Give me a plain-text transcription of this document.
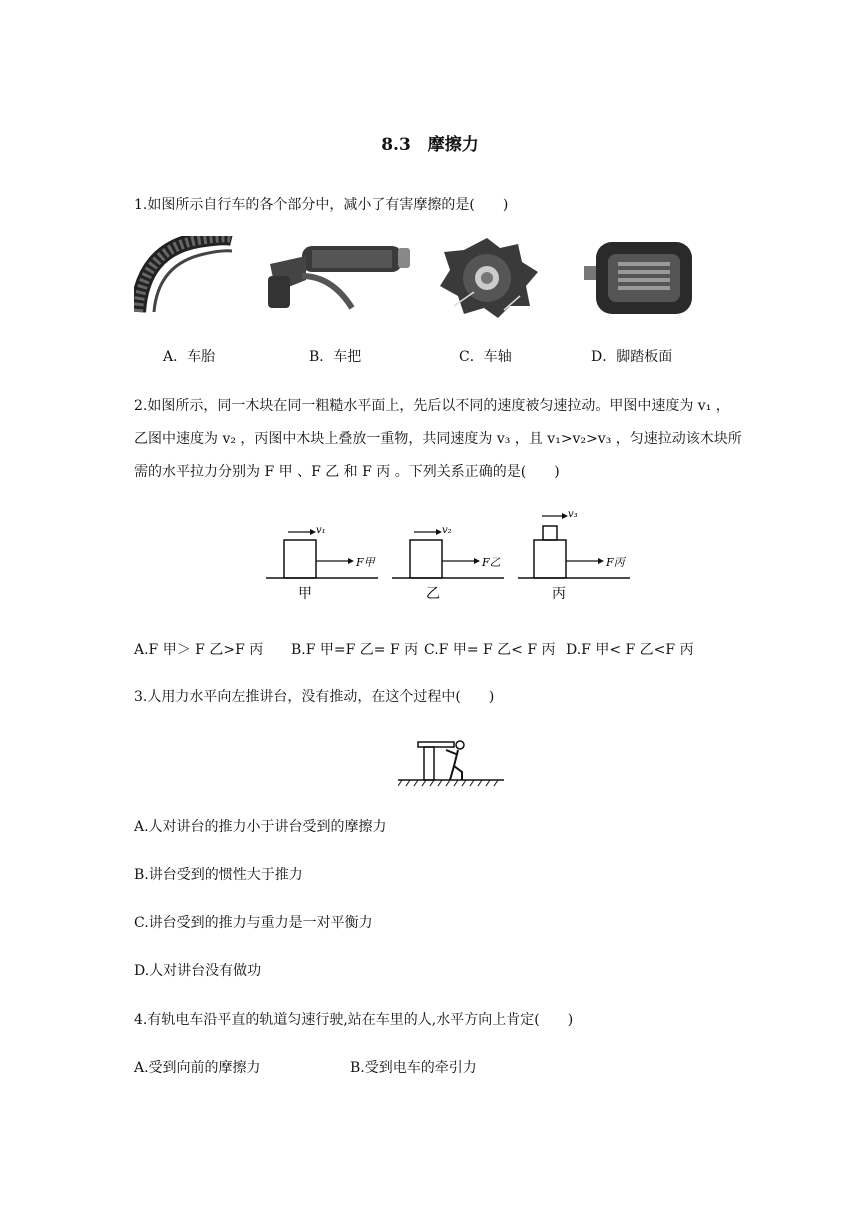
8.3　摩擦力
1.如图所示自行车的各个部分中，减小了有害摩擦的是(　　)
A．车胎	B．车把	C．车轴	D．脚踏板面
2.如图所示，同一木块在同一粗糙水平面上，先后以不同的速度被匀速拉动。甲图中速度为 v₁ ，
乙图中速度为 v₂ ，丙图中木块上叠放一重物，共同速度为 v₃ ，且 v₁>v₂>v₃ ，匀速拉动该木块所
需的水平拉力分别为 F 甲 、F 乙 和 F 丙 。下列关系正确的是(　　)
v₁
F甲
甲
v₂
F乙
乙
v₃
F丙
丙
A.F 甲＞ F 乙>F 丙 B.F 甲=F 乙= F 丙 C.F 甲= F 乙< F 丙 D.F 甲< F 乙<F 丙
3.人用力水平向左推讲台，没有推动，在这个过程中(　　)
A.人对讲台的推力小于讲台受到的摩擦力
B.讲台受到的惯性大于推力
C.讲台受到的推力与重力是一对平衡力
D.人对讲台没有做功
4.有轨电车沿平直的轨道匀速行驶,站在车里的人,水平方向上肯定(　　)
A.受到向前的摩擦力	B.受到电车的牵引力
